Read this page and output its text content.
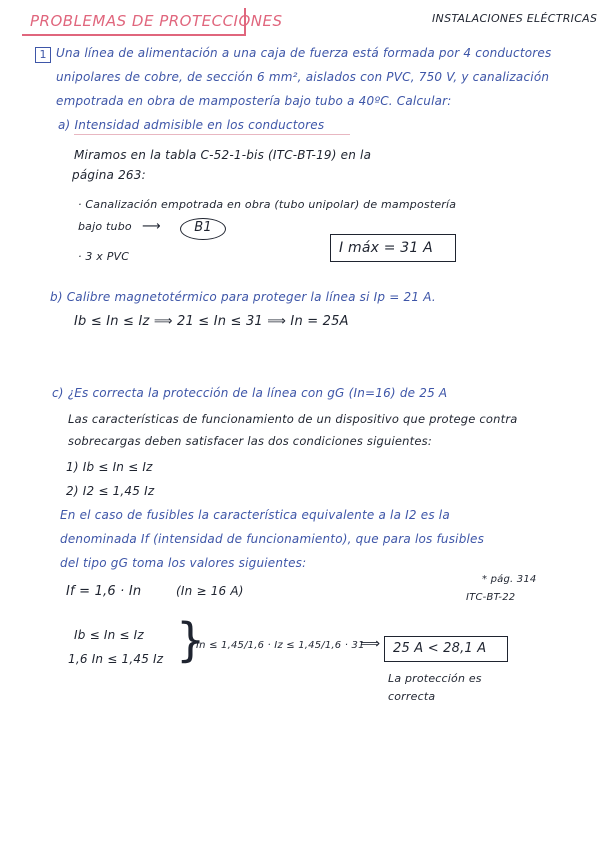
PROBLEMAS DE PROTECCIONES	INSTALACIONES ELÉCTRICAS
1 Una línea de alimentación a una caja de fuerza está formada por 4 conductores
unipolares de cobre, de sección 6 mm², aislados con PVC, 750 V, y canalización
empotrada en obra de mampostería bajo tubo a 40ºC. Calcular:
a) Intensidad admisible en los conductores
Miramos en la tabla C-52-1-bis (ITC-BT-19) en la
página 263:
· Canalización empotrada en obra (tubo unipolar) de mampostería
bajo tubo ⟶	B1
· 3 x PVC
I máx = 31 A
b) Calibre magnetotérmico para proteger la línea si Ip = 21 A.
Ib ≤ In ≤ Iz ⟹ 21 ≤ In ≤ 31 ⟹ In = 25A
c) ¿Es correcta la protección de la línea con gG (In=16) de 25 A
Las características de funcionamiento de un dispositivo que protege contra
sobrecargas deben satisfacer las dos condiciones siguientes:
1) Ib ≤ In ≤ Iz
2) I2 ≤ 1,45 Iz
En el caso de fusibles la característica equivalente a la I2 es la
denominada If (intensidad de funcionamiento), que para los fusibles
del tipo gG toma los valores siguientes:
If = 1,6 · In	(In ≥ 16 A)
* pág. 314
ITC-BT-22
Ib ≤ In ≤ Iz
1,6 In ≤ 1,45 Iz }
In ≤ 1,45/1,6 · Iz ≤ 1,45/1,6 · 31
⟹ 25 A < 28,1 A
La protección es
correcta
